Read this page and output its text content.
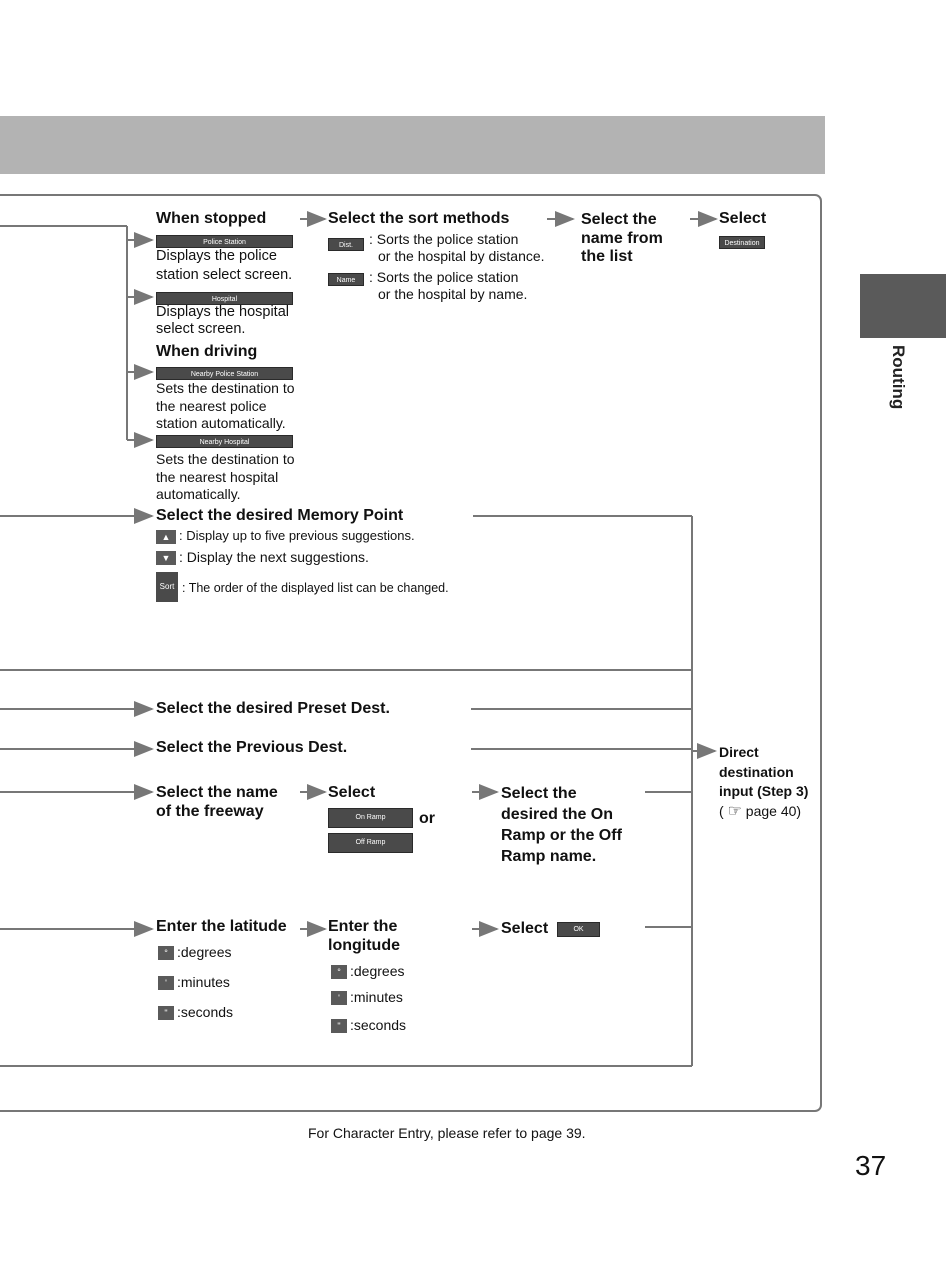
Routing
When stopped
Police Station
Displays the police
station select screen.
Hospital
Displays the hospital
select screen.
When driving
Nearby Police Station
Sets the destination to
the nearest police
station automatically.
Nearby Hospital
Sets the destination to
the nearest hospital
automatically.
Select the sort methods
Dist.	: Sorts the police station
or the hospital by distance.
Name : Sorts the police station
or the hospital by name.
Select the
name from
the list
Select
Destination
Select the desired Memory Point
▲ : Display up to five previous suggestions.
▼ : Display the next suggestions.
Sort : The order of the displayed list can be changed.
Select the desired Preset Dest.
Select the Previous Dest.	Direct
destination
input (Step 3)
( ☞ page 40)
Select the name
of the freeway
Select
On Ramp	or
Off Ramp
Select the
desired the On
Ramp or the Off
Ramp name.
Enter the latitude
° :degrees
' :minutes
" :seconds
Enter the
longitude
° :degrees
' :minutes
" :seconds
Select	OK
For Character Entry, please refer to page 39.
37
